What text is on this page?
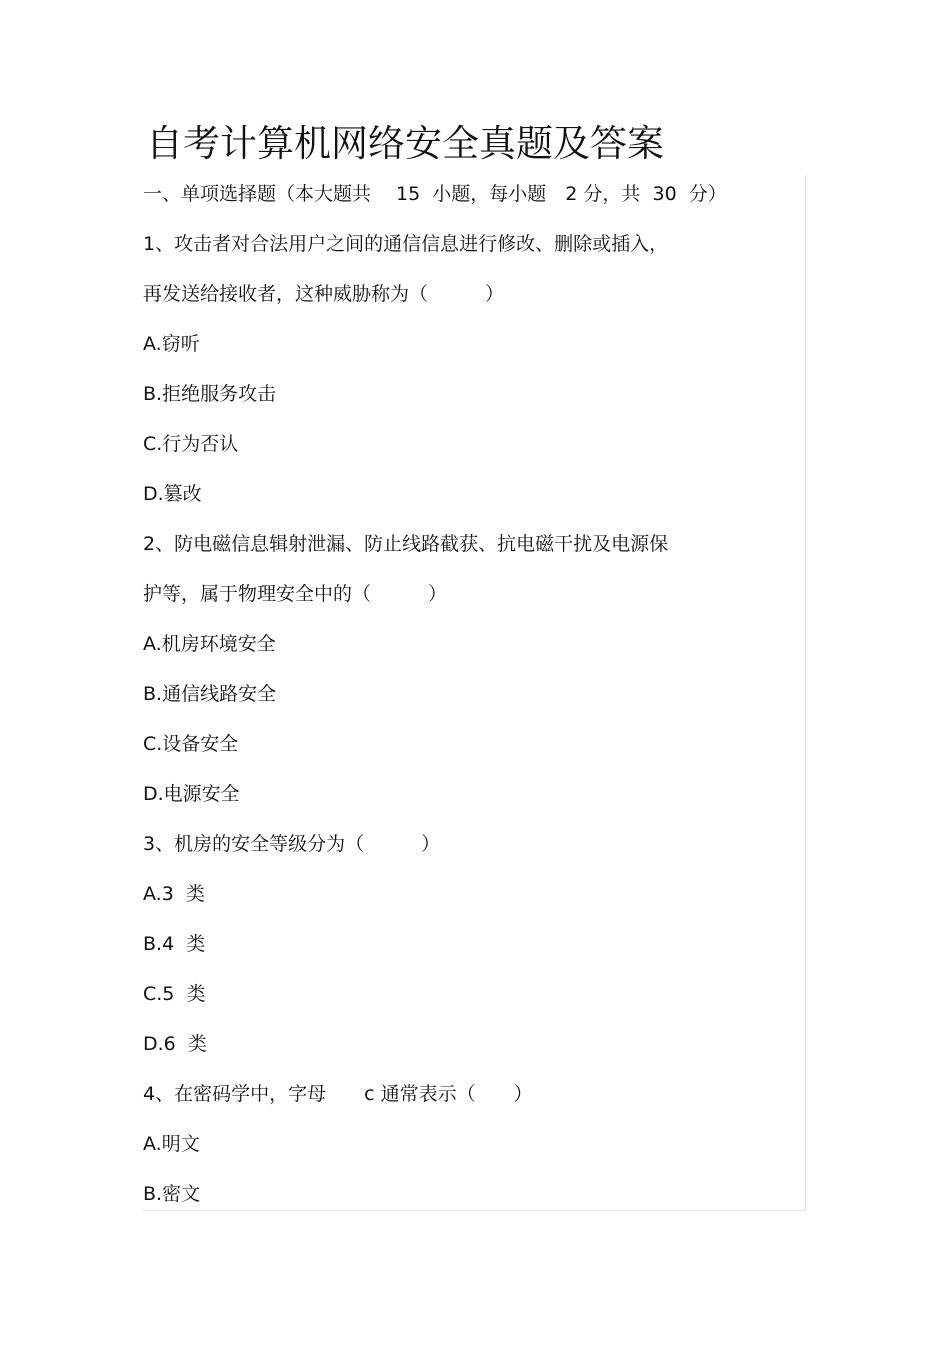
自考计算机网络安全真题及答案
一、单项选择题（本大题共　 15  小题，每小题　2 分，共  30  分）
1、攻击者对合法用户之间的通信信息进行修改、删除或插入，
再发送给接收者，这种威胁称为（　　　）
A.窃听
B.拒绝服务攻击
C.行为否认
D.篡改
2、防电磁信息辑射泄漏、防止线路截获、抗电磁干扰及电源保
护等，属于物理安全中的（　　　）
A.机房环境安全
B.通信线路安全
C.设备安全
D.电源安全
3、机房的安全等级分为（　　　）
A.3  类
B.4  类
C.5  类
D.6  类
4、在密码学中，字母　　c 通常表示（　　）
A.明文
B.密文
